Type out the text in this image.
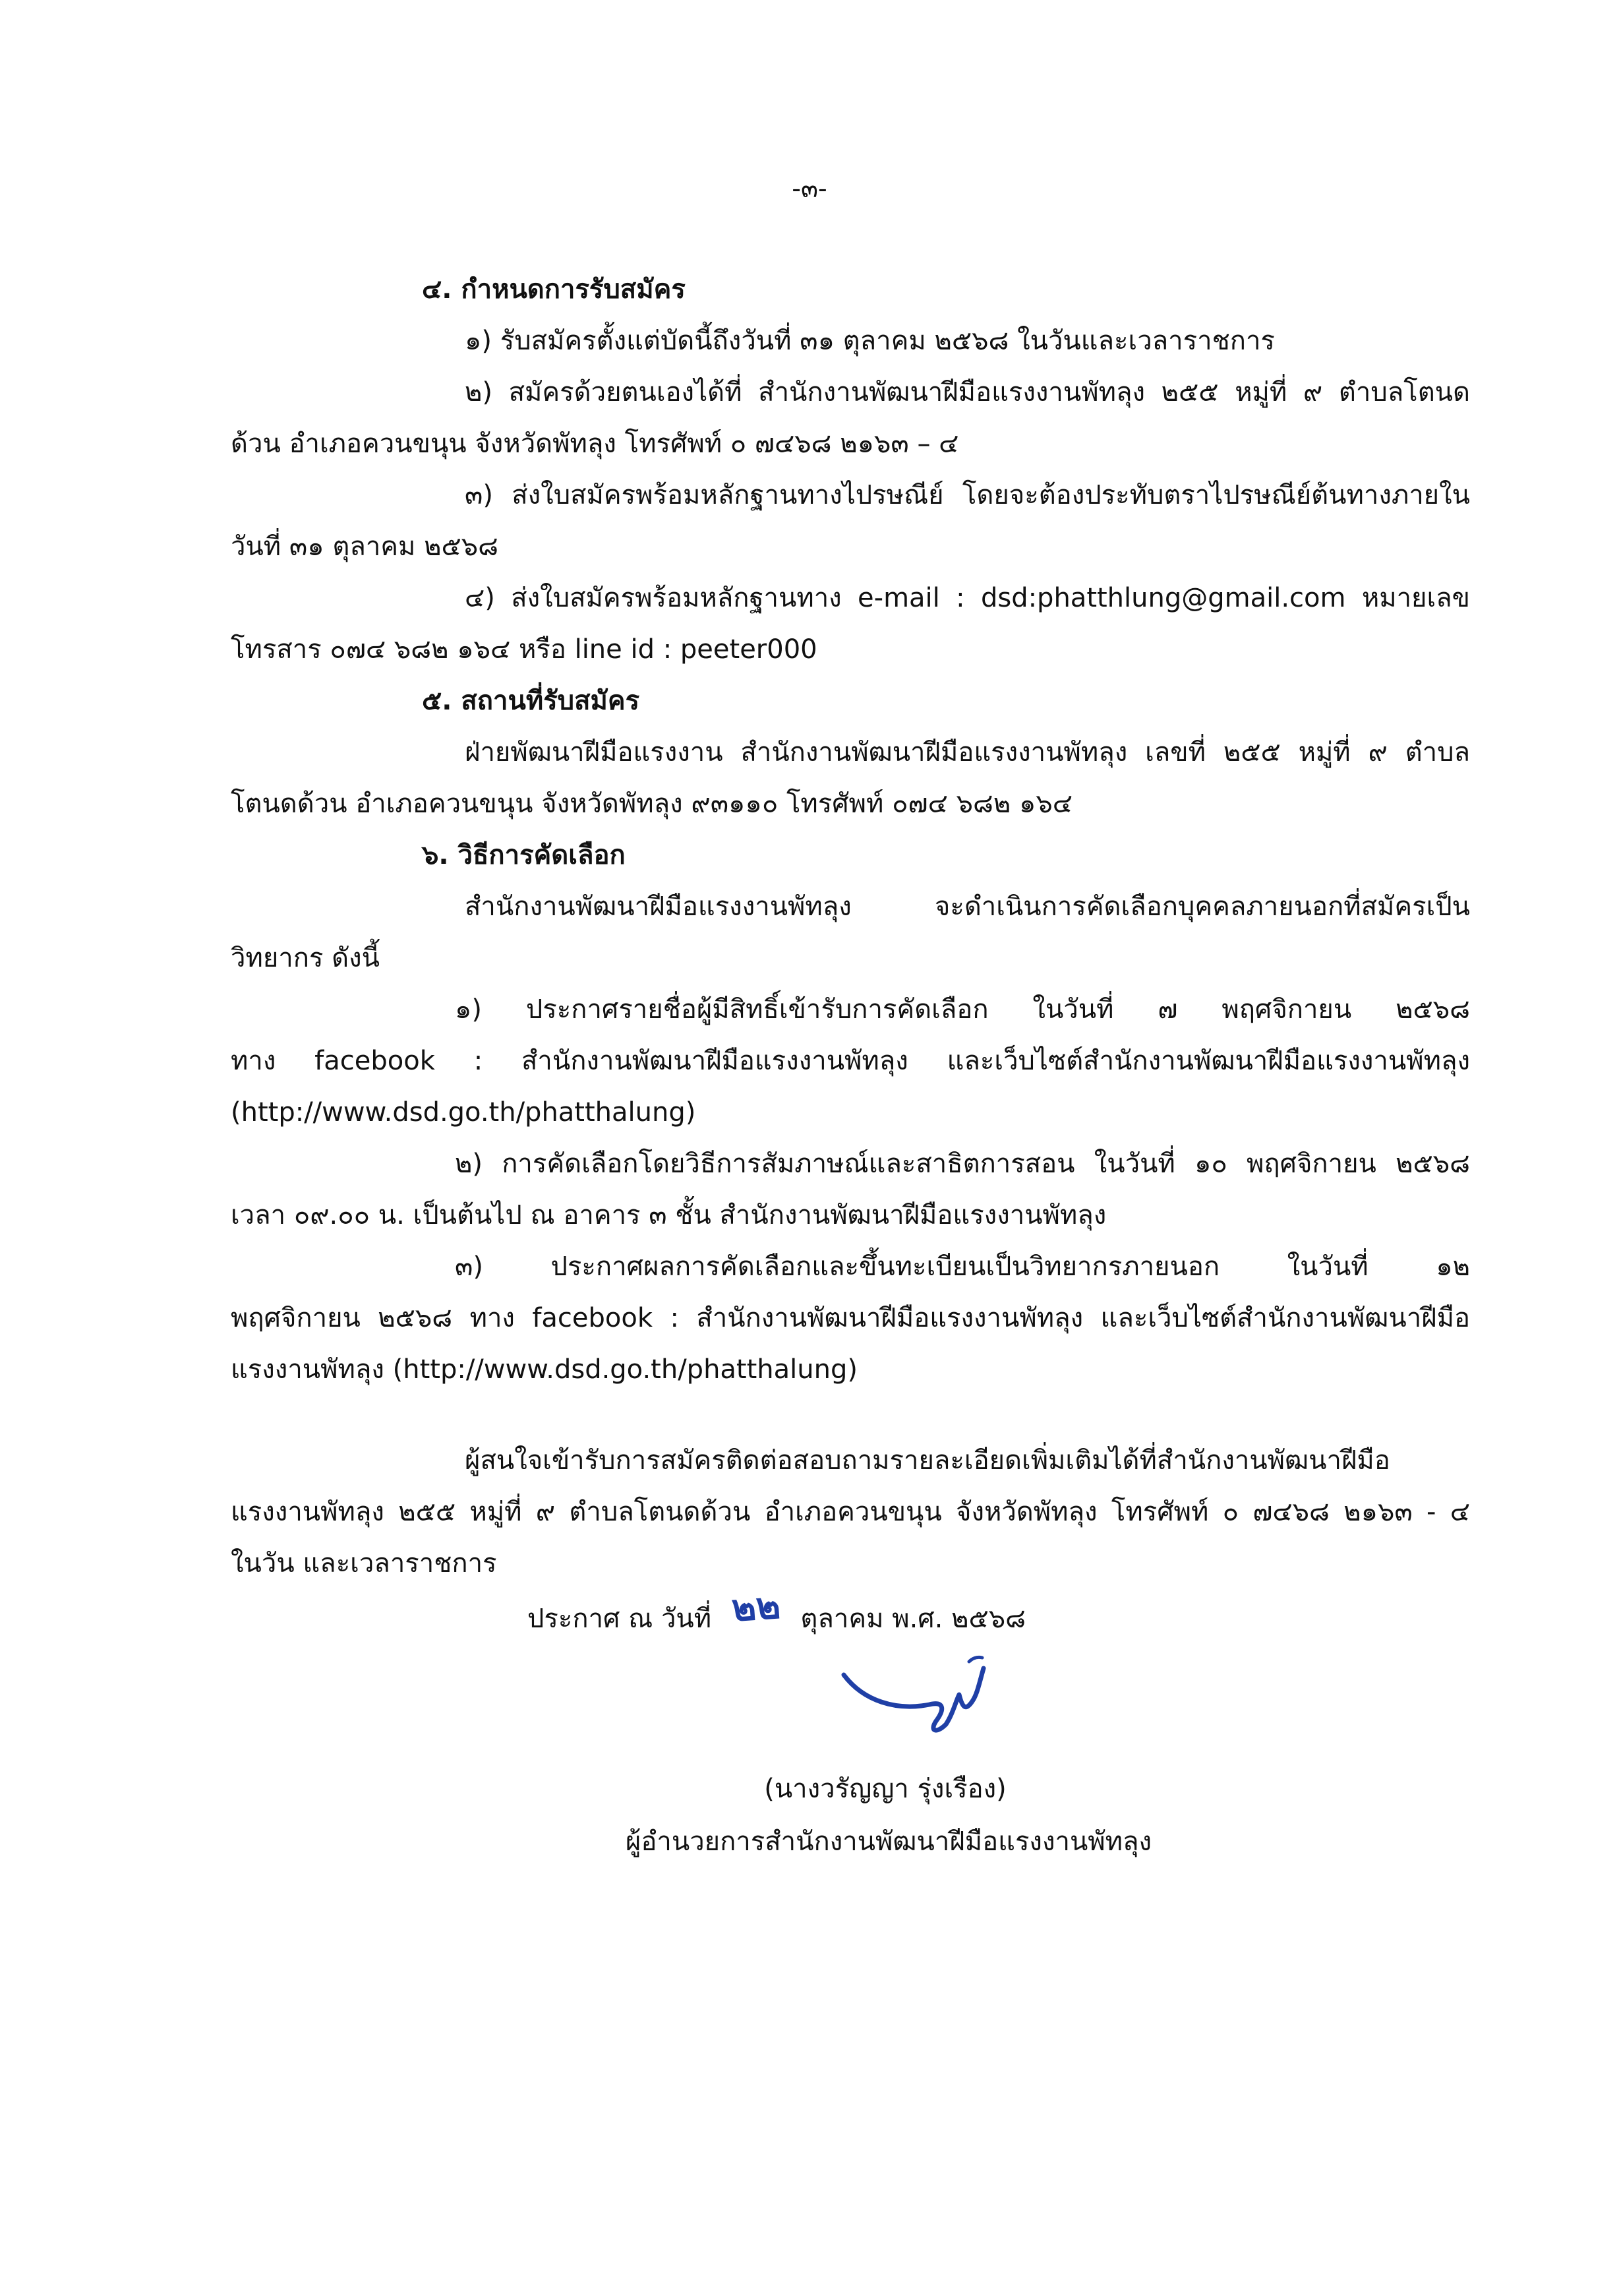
-๓-
๔. กำหนดการรับสมัคร
๑) รับสมัครตั้งแต่บัดนี้ถึงวันที่ ๓๑ ตุลาคม ๒๕๖๘ ในวันและเวลาราชการ
๒) สมัครด้วยตนเองได้ที่ สำนักงานพัฒนาฝีมือแรงงานพัทลุง ๒๕๕ หมู่ที่ ๙ ตำบลโตนด
ด้วน อำเภอควนขนุน จังหวัดพัทลุง โทรศัพท์ ๐ ๗๔๖๘ ๒๑๖๓ – ๔
๓) ส่งใบสมัครพร้อมหลักฐานทางไปรษณีย์ โดยจะต้องประทับตราไปรษณีย์ต้นทางภายใน
วันที่ ๓๑ ตุลาคม ๒๕๖๘
๔) ส่งใบสมัครพร้อมหลักฐานทาง e-mail : dsd:phatthlung@gmail.com หมายเลข
โทรสาร ๐๗๔ ๖๘๒ ๑๖๔ หรือ line id : peeter000
๕. สถานที่รับสมัคร
ฝ่ายพัฒนาฝีมือแรงงาน สำนักงานพัฒนาฝีมือแรงงานพัทลุง เลขที่ ๒๕๕ หมู่ที่ ๙ ตำบล
โตนดด้วน อำเภอควนขนุน จังหวัดพัทลุง ๙๓๑๑๐ โทรศัพท์ ๐๗๔ ๖๘๒ ๑๖๔
๖. วิธีการคัดเลือก
สำนักงานพัฒนาฝีมือแรงงานพัทลุง จะดำเนินการคัดเลือกบุคคลภายนอกที่สมัครเป็น
วิทยากร ดังนี้
๑) ประกาศรายชื่อผู้มีสิทธิ์เข้ารับการคัดเลือก ในวันที่ ๗ พฤศจิกายน ๒๕๖๘
ทาง facebook : สำนักงานพัฒนาฝีมือแรงงานพัทลุง และเว็บไซต์สำนักงานพัฒนาฝีมือแรงงานพัทลุง
(http://www.dsd.go.th/phatthalung)
๒) การคัดเลือกโดยวิธีการสัมภาษณ์และสาธิตการสอน ในวันที่ ๑๐ พฤศจิกายน ๒๕๖๘
เวลา ๐๙.๐๐ น. เป็นต้นไป ณ อาคาร ๓ ชั้น สำนักงานพัฒนาฝีมือแรงงานพัทลุง
๓) ประกาศผลการคัดเลือกและขึ้นทะเบียนเป็นวิทยากรภายนอก ในวันที่ ๑๒
พฤศจิกายน ๒๕๖๘ ทาง facebook : สำนักงานพัฒนาฝีมือแรงงานพัทลุง และเว็บไซต์สำนักงานพัฒนาฝีมือ
แรงงานพัทลุง (http://www.dsd.go.th/phatthalung)
ผู้สนใจเข้ารับการสมัครติดต่อสอบถามรายละเอียดเพิ่มเติมได้ที่สำนักงานพัฒนาฝีมือ
แรงงานพัทลุง ๒๕๕ หมู่ที่ ๙ ตำบลโตนดด้วน อำเภอควนขนุน จังหวัดพัทลุง โทรศัพท์ ๐ ๗๔๖๘ ๒๑๖๓ - ๔
ในวัน และเวลาราชการ
ประกาศ ณ วันที่ ๒๒ ตุลาคม พ.ศ. ๒๕๖๘
(นางวรัญญา รุ่งเรือง)
ผู้อำนวยการสำนักงานพัฒนาฝีมือแรงงานพัทลุง
